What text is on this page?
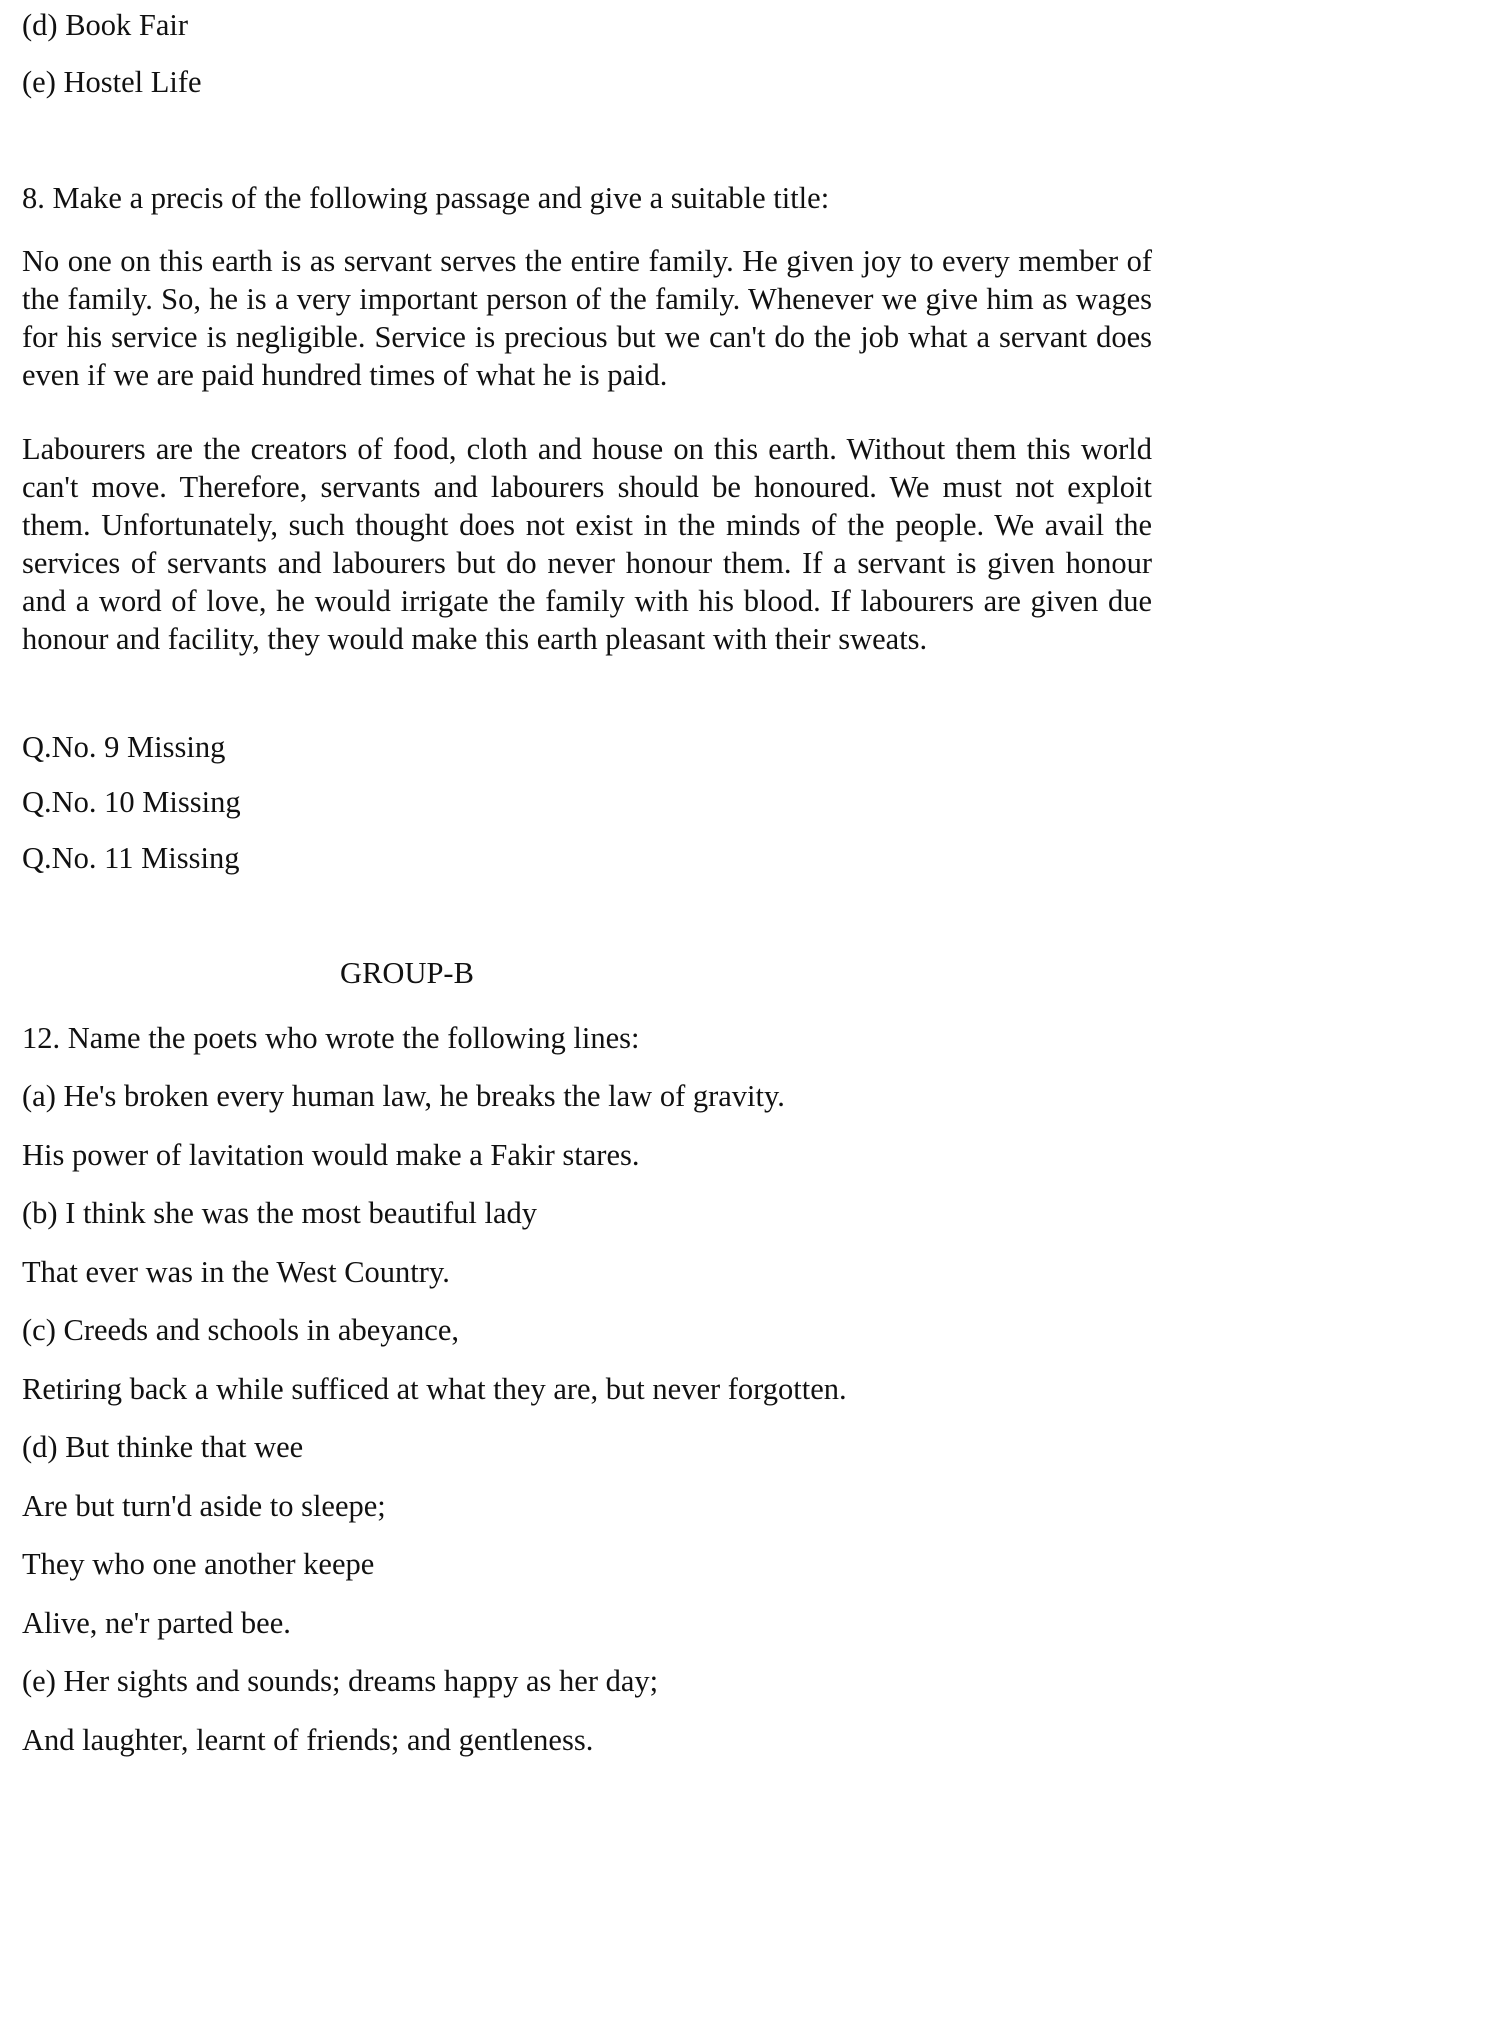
(d) Book Fair
(e) Hostel Life
8. Make a precis of the following passage and give a suitable title:
No one on this earth is as servant serves the entire family. He given joy to every member of the family. So, he is a very important person of the family. Whenever we give him as wages for his service is negligible. Service is precious but we can't do the job what a servant does even if we are paid hundred times of what he is paid.
Labourers are the creators of food, cloth and house on this earth. Without them this world can't move. Therefore, servants and labourers should be honoured. We must not exploit them. Unfortunately, such thought does not exist in the minds of the people. We avail the services of servants and labourers but do never honour them. If a servant is given honour and a word of love, he would irrigate the family with his blood. If labourers are given due honour and facility, they would make this earth pleasant with their sweats.
Q.No. 9 Missing
Q.No. 10 Missing
Q.No. 11 Missing
GROUP-B
12. Name the poets who wrote the following lines:
(a) He's broken every human law, he breaks the law of gravity.
His power of lavitation would make a Fakir stares.
(b) I think she was the most beautiful lady
That ever was in the West Country.
(c) Creeds and schools in abeyance,
Retiring back a while sufficed at what they are, but never forgotten.
(d) But thinke that wee
Are but turn'd aside to sleepe;
They who one another keepe
Alive, ne'r parted bee.
(e) Her sights and sounds; dreams happy as her day;
And laughter, learnt of friends; and gentleness.
